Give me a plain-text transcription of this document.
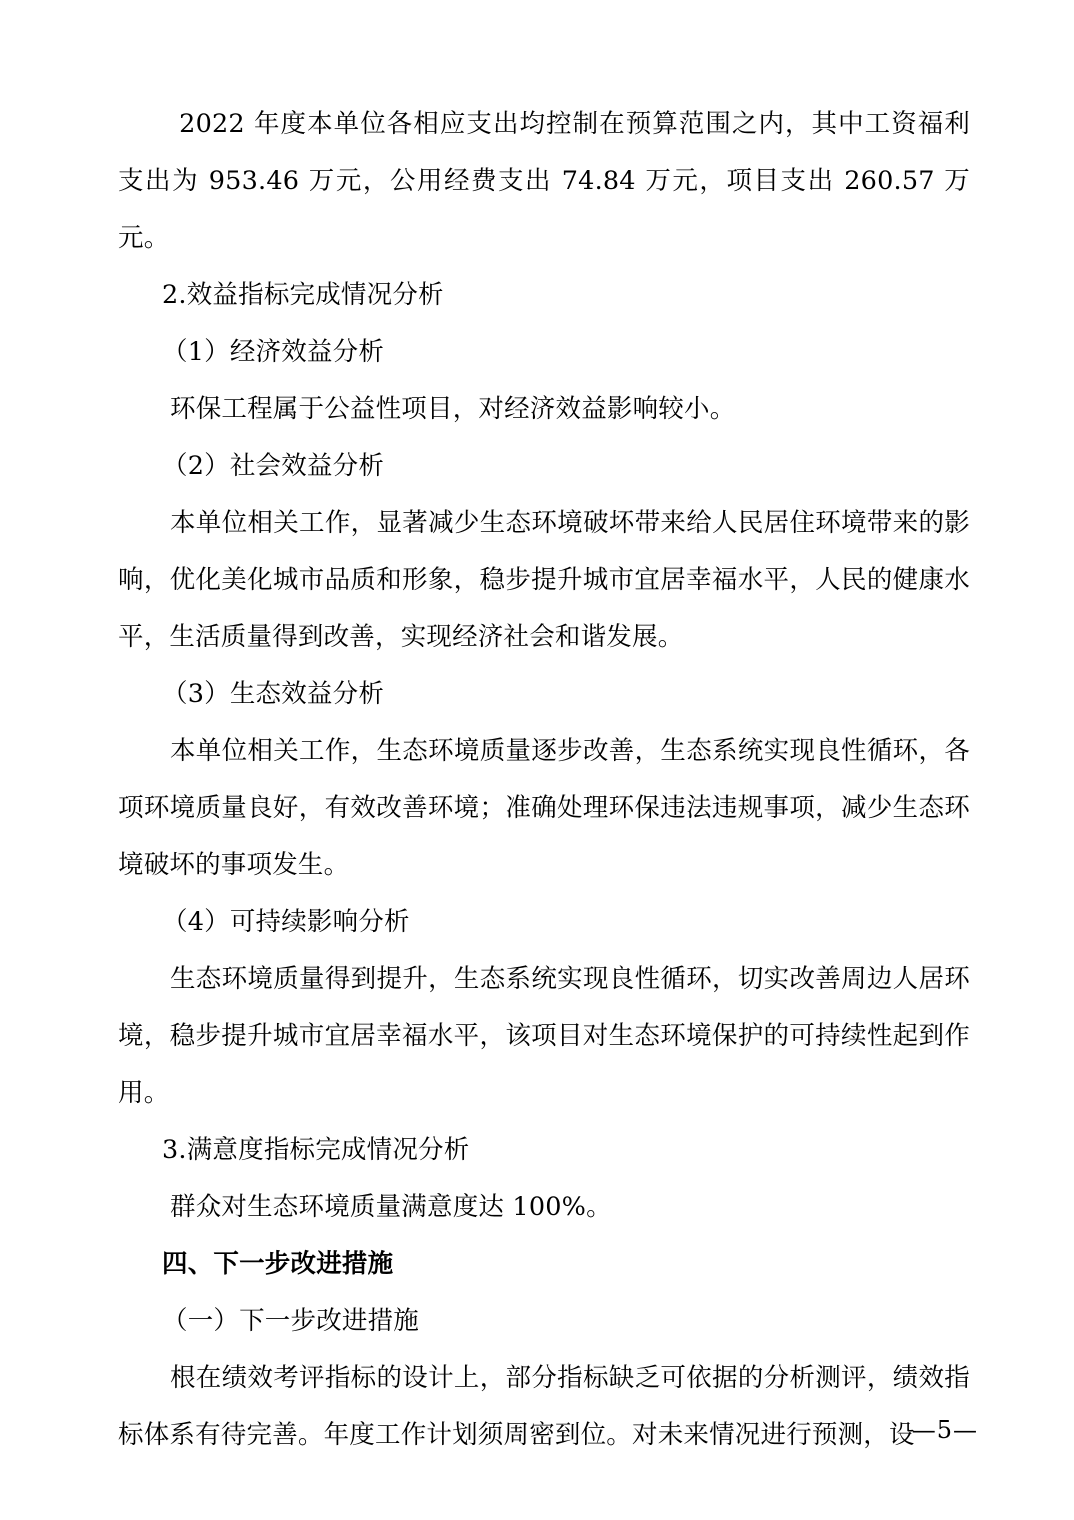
2022 年度本单位各相应支出均控制在预算范围之内，其中工资福利支出为 953.46 万元，公用经费支出 74.84 万元，项目支出 260.57 万元。

2.效益指标完成情况分析

（1）经济效益分析

环保工程属于公益性项目，对经济效益影响较小。

（2）社会效益分析

本单位相关工作，显著减少生态环境破坏带来给人民居住环境带来的影响，优化美化城市品质和形象，稳步提升城市宜居幸福水平，人民的健康水平，生活质量得到改善，实现经济社会和谐发展。

（3）生态效益分析

本单位相关工作，生态环境质量逐步改善，生态系统实现良性循环，各项环境质量良好，有效改善环境；准确处理环保违法违规事项，减少生态环境破坏的事项发生。

（4）可持续影响分析

生态环境质量得到提升，生态系统实现良性循环，切实改善周边人居环境，稳步提升城市宜居幸福水平，该项目对生态环境保护的可持续性起到作用。

3.满意度指标完成情况分析

群众对生态环境质量满意度达 100%。

四、下一步改进措施

（一）下一步改进措施

根在绩效考评指标的设计上，部分指标缺乏可依据的分析测评，绩效指标体系有待完善。年度工作计划须周密到位。对未来情况进行预测，设

—5—
